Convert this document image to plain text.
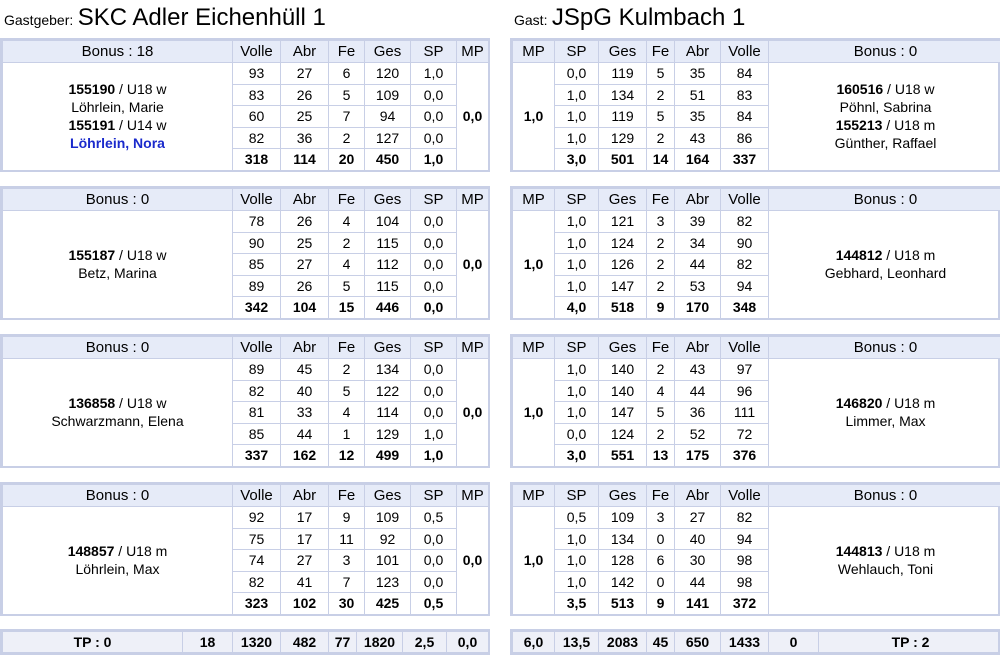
Gastgeber: SKC Adler Eichenhüll 1	Gast: JSpG Kulmbach 1
Bonus : 18	Volle	Abr	Fe	Ges	SP	MP

155190 / U18 w
Löhrlein, Marie
155191 / U14 w
Löhrlein, Nora	93	27	6	120	1,0	0,0
	83	26	5	109	0,0	
	60	25	7	94	0,0	
	82	36	2	127	0,0	
	318	114	20	450	1,0	
MP	SP	Ges	Fe	Abr	Volle	Bonus : 0
1,0	0,0	119	5	35	84	160516 / U18 w
Pöhnl, Sabrina
155213 / U18 m
Günther, Raffael

	1,0	134	2	51	83	
	1,0	119	5	35	84	
	1,0	129	2	43	86	
	3,0	501	14	164	337	
Bonus : 0	Volle	Abr	Fe	Ges	SP	MP

155187 / U18 w
Betz, Marina	78	26	4	104	0,0	0,0
	90	25	2	115	0,0	
	85	27	4	112	0,0	
	89	26	5	115	0,0	
	342	104	15	446	0,0	
MP	SP	Ges	Fe	Abr	Volle	Bonus : 0
1,0	1,0	121	3	39	82	144812 / U18 m
Gebhard, Leonhard

	1,0	124	2	34	90	
	1,0	126	2	44	82	
	1,0	147	2	53	94	
	4,0	518	9	170	348	
Bonus : 0	Volle	Abr	Fe	Ges	SP	MP

136858 / U18 w
Schwarzmann, Elena	89	45	2	134	0,0	0,0
	82	40	5	122	0,0	
	81	33	4	114	0,0	
	85	44	1	129	1,0	
	337	162	12	499	1,0	
MP	SP	Ges	Fe	Abr	Volle	Bonus : 0
1,0	1,0	140	2	43	97	146820 / U18 m
Limmer, Max

	1,0	140	4	44	96	
	1,0	147	5	36	111	
	0,0	124	2	52	72	
	3,0	551	13	175	376	
Bonus : 0	Volle	Abr	Fe	Ges	SP	MP

148857 / U18 m
Löhrlein, Max	92	17	9	109	0,5	0,0
	75	17	11	92	0,0	
	74	27	3	101	0,0	
	82	41	7	123	0,0	
	323	102	30	425	0,5	
MP	SP	Ges	Fe	Abr	Volle	Bonus : 0
1,0	0,5	109	3	27	82	144813 / U18 m
Wehlauch, Toni

	1,0	134	0	40	94	
	1,0	128	6	30	98	
	1,0	142	0	44	98	
	3,5	513	9	141	372	
TP : 0	18	1320	482	77	1820	2,5	0,0	6,0	13,5	2083	45	650	1433	0	TP : 2
